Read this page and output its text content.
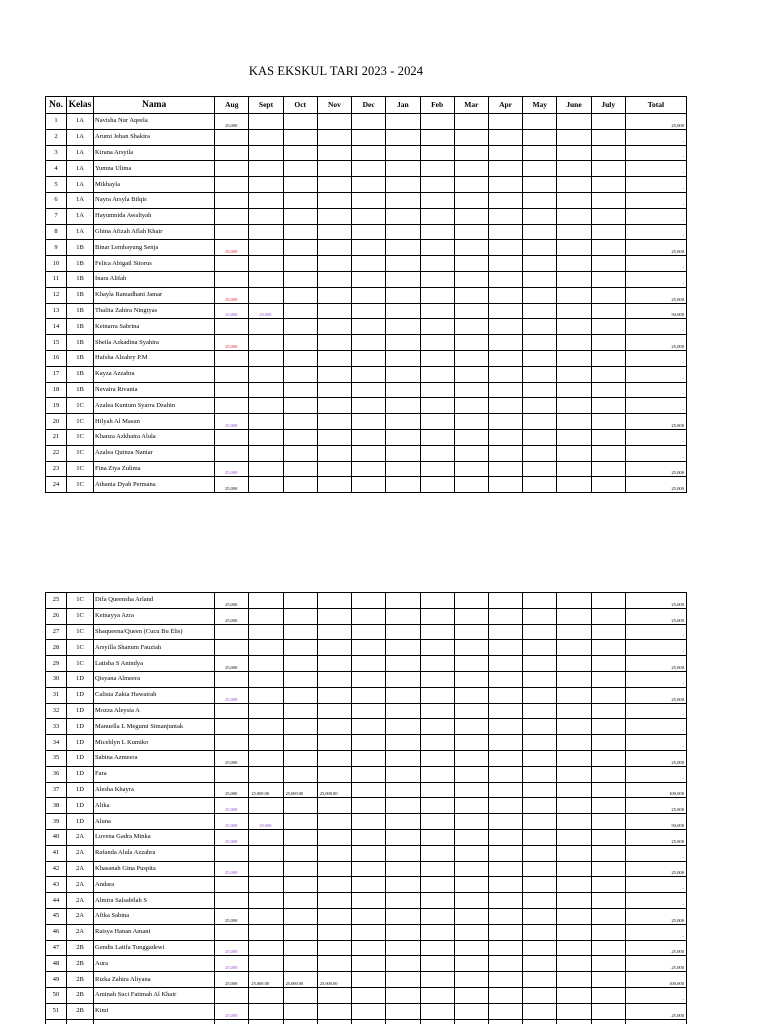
KAS EKSKUL TARI 2023 - 2024
No.	Kelas	Nama	Aug	Sept	Oct	Nov	Dec	Jan	Feb	Mar	Apr	May	June	July	Total
1	1A	Navisha Nur Aqeela	25,000												25,000
2	1A	Arumi Jehan Shakira													-
3	1A	Kirana Arsyila													-
4	1A	Yumna Ulima													-
5	1A	Mikhayla													-
6	1A	Nayra Arsyla Bilqis													-
7	1A	Hayumnida Awaliyah													-
8	1A	Ghina Afizah Aflah Khair													-
9	1B	Binar Lembayung Senja	25,000												25,000
10	1B	Felica Abigail Sitorus													-
11	1B	Inara Alifah													-
12	1B	Khayla Ramadhani Jamar	25,000												25,000
13	1B	Thalita Zahira Ningtyas	25,000	25,000											50,000
14	1B	Keinarra Sabrina													-
15	1B	Sheila Azkadina Syahira	25,000												25,000
16	1B	Hafsha Alzahry P.M													-
17	1B	Kayza Azzahra													-
18	1B	Nevaira Rivania													-
19	1C	Azalea Kuntum Syarra Dzahin													-
20	1C	Hilyah Al Masun	25,000												25,000
21	1C	Khanza Azkhaira Alula													-
22	1C	Azalea Quinza Naniar													-
23	1C	Fina Ziya Zulima	25,000												25,000
24	1C	Athania Dyah Permana	25,000												25,000
25	1C	Difa Queensha Arland	25,000												25,000
26	1C	Keinayya Azra	25,000												25,000
27	1C	Shaqueena/Queen (Cucu Bu Elis)													-
28	1C	Arsyilla Shanum Fauziah													-
29	1C	Latisha S Anindya	25,000												25,000
30	1D	Qisyana Almeera													-
31	1D	Calista Zakia Hawairah	25,000												25,000
32	1D	Mozza Aleysia A													-
33	1D	Manuella L Megumi Simanjuntak													-
34	1D	Micehlyn L Kumiko													-
35	1D	Sabina Azmeera	25,000												25,000
36	1D	Fara													-
37	1D	Alesha Khayra	25,000	25,000.00	25,000.00	25,000.00									100,000
38	1D	Alika	25,000												25,000
39	1D	Aluna	25,000	25,000											50,000
40	2A	Luvena Gadra Minka	25,000												25,000
41	2A	Rafanda Alula Azzahra													-
42	2A	Khasanah Gina Puspita	25,000												25,000
43	2A	Andara													-
44	2A	Almira Salsabilah S													-
45	2A	Afika Sabina	25,000												25,000
46	2A	Raisya Hanan Amani													-
47	2B	Gendis Latifa Tunggadewi	25,000												25,000
48	2B	Aura	25,000												25,000
49	2B	Rizka Zahira Aliyana	25,000	25,000.00	25,000.00	25,000.00									100,000
50	2B	Aminah Suci Fatimah Al Khair													-
51	2B	Kimi	25,000												25,000
